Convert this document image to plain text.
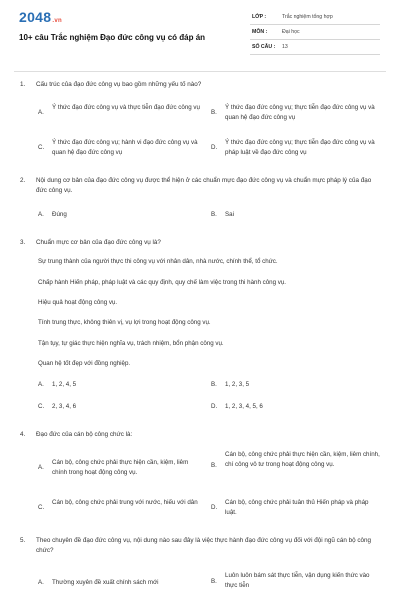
2048.vn
10+ câu Trắc nghiệm Đạo đức công vụ có đáp án
LỚP :	Trắc nghiệm tổng hợp
MÔN :	Đại học
SỐ CÂU : 13
1. Cấu trúc của đạo đức công vụ bao gồm những yếu tố nào?
A.
Ý thức đạo đức công vụ và thực tiễn đạo đức công vụ
B.
Ý thức đạo đức công vụ; thực tiễn đạo đức công vụ và quan hệ đạo đức công vụ
C.
Ý thức đạo đức công vụ; hành vi đạo đức công vụ và quan hệ đạo đức công vụ
D.
Ý thức đạo đức công vụ; thực tiễn đạo đức công vụ và pháp luật về đạo đức công vụ
2. Nội dung cơ bản của đạo đức công vụ được thể hiện ở các chuẩn mực đạo đức công vụ và chuẩn mực pháp lý của đạo đức công vụ.
A. Đúng	B. Sai
3. Chuẩn mực cơ bản của đạo đức công vụ là?
Sự trung thành của người thực thi công vụ với nhân dân, nhà nước, chính thể, tổ chức.
Chấp hành Hiến pháp, pháp luật và các quy định, quy chế làm việc trong thi hành công vụ.
Hiệu quả hoạt động công vụ.
Tính trung thực, không thiên vị, vụ lợi trong hoạt động công vụ.
Tận tụy, tự giác thực hiện nghĩa vụ, trách nhiệm, bổn phận công vụ.
Quan hệ tốt đẹp với đồng nghiệp.
A. 1, 2, 4, 5	B. 1, 2, 3, 5
C. 2, 3, 4, 6	D. 1, 2, 3, 4, 5, 6
4. Đạo đức của cán bộ công chức là:
A.
Cán bộ, công chức phải thực hiện cần, kiệm, liêm chính trong hoạt động công vụ.
B.
Cán bộ, công chức phải thực hiện cần, kiệm, liêm chính, chí công vô tư trong hoạt động công vụ.
C.
Cán bộ, công chức phải trung với nước, hiếu với dân
D.
Cán bộ, công chức phải tuân thủ Hiến pháp và pháp luật.
5. Theo chuyên đề đạo đức công vụ, nội dung nào sau đây là việc thực hành đạo đức công vụ đối với đội ngũ cán bộ công chức?
A. Thường xuyên đề xuất chính sách mới	B.
Luôn luôn bám sát thực tiễn, vận dụng kiến thức vào thực tiễn
